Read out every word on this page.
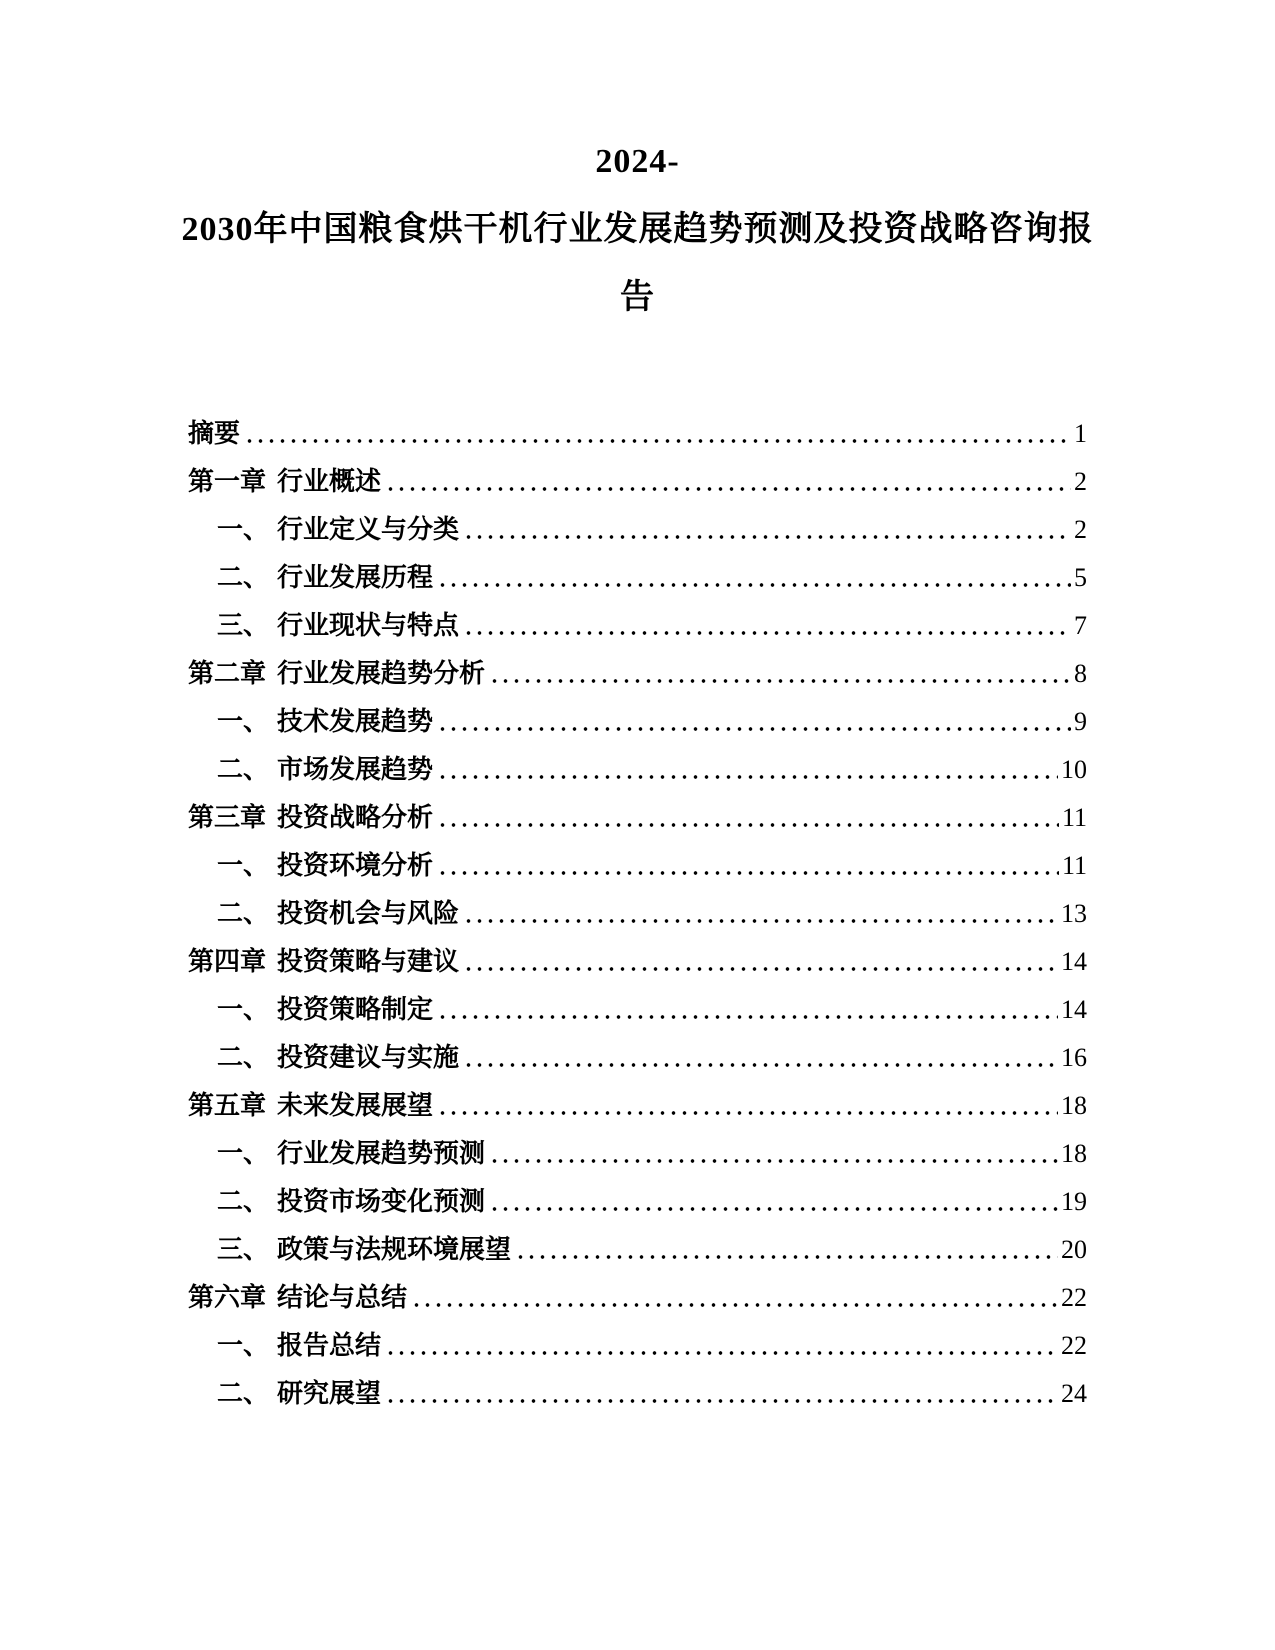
2024-
2030年中国粮食烘干机行业发展趋势预测及投资战略咨询报
告
摘要	1
第一章 行业概述	2
一、 行业定义与分类	2
二、 行业发展历程	5
三、 行业现状与特点	7
第二章 行业发展趋势分析	8
一、 技术发展趋势	9
二、 市场发展趋势	10
第三章 投资战略分析	11
一、 投资环境分析	11
二、 投资机会与风险	13
第四章 投资策略与建议	14
一、 投资策略制定	14
二、 投资建议与实施	16
第五章 未来发展展望	18
一、 行业发展趋势预测	18
二、 投资市场变化预测	19
三、 政策与法规环境展望	20
第六章 结论与总结	22
一、 报告总结	22
二、 研究展望	24
